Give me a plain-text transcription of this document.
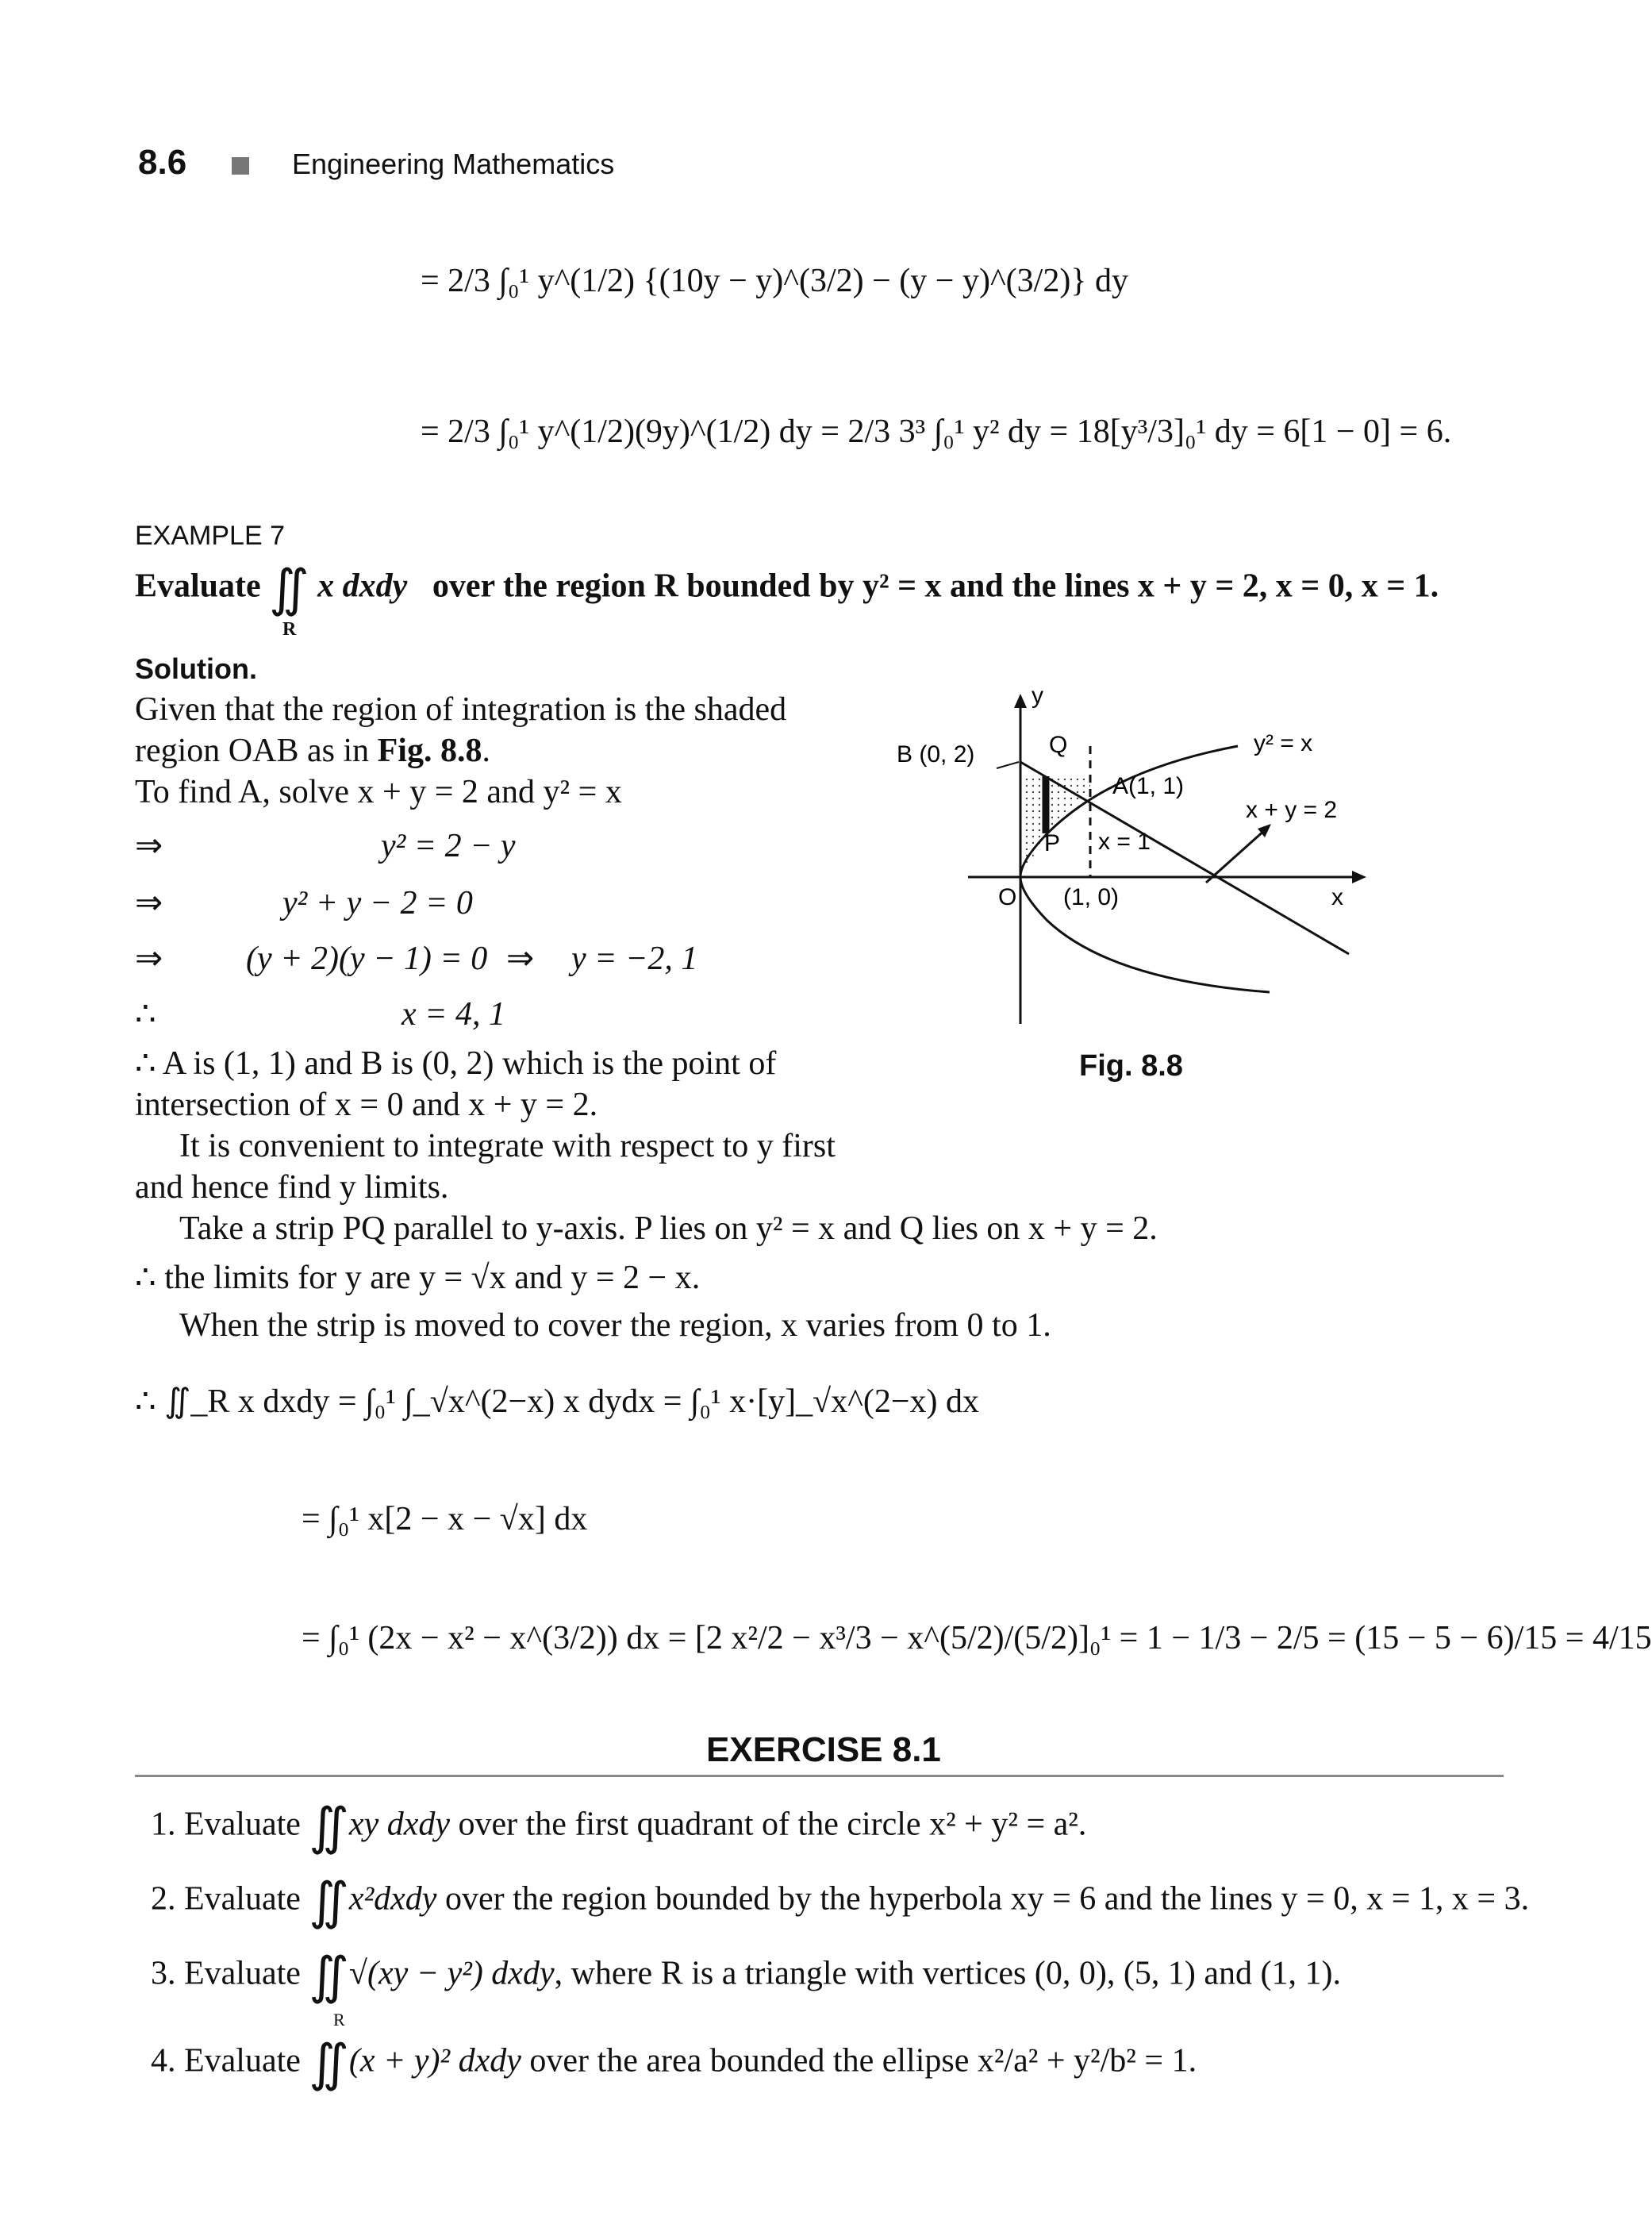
8.6	Engineering Mathematics
= 2/3 ∫₀¹ y^(1/2) {(10y − y)^(3/2) − (y − y)^(3/2)} dy
= 2/3 ∫₀¹ y^(1/2)(9y)^(1/2) dy = 2/3 3³ ∫₀¹ y² dy = 18[y³/3]₀¹ dy = 6[1 − 0] = 6.
EXAMPLE 7
Evaluate ∬ x dxdy over the region R bounded by y² = x and the lines x + y = 2, x = 0, x = 1.
R
Solution.
Given that the region of integration is the shaded
region OAB as in Fig. 8.8.
To find A, solve x + y = 2 and y² = x
⇒	y² = 2 − y
⇒	y² + y − 2 = 0
⇒ (y + 2)(y − 1) = 0 ⇒ y = −2, 1
∴	x = 4, 1
∴ A is (1, 1) and B is (0, 2) which is the point of
intersection of x = 0 and x + y = 2.
It is convenient to integrate with respect to y first
and hence find y limits.
Take a strip PQ parallel to y-axis. P lies on y² = x and Q lies on x + y = 2.
∴ the limits for y are y = √x and y = 2 − x.
When the strip is moved to cover the region, x varies from 0 to 1.
∴ ∬_R x dxdy = ∫₀¹ ∫_√x^(2−x) x dydx = ∫₀¹ x·[y]_√x^(2−x) dx
= ∫₀¹ x[2 − x − √x] dx
= ∫₀¹ (2x − x² − x^(3/2)) dx = [2 x²/2 − x³/3 − x^(5/2)/(5/2)]₀¹ = 1 − 1/3 − 2/5 = (15 − 5 − 6)/15 = 4/15
y
x
O
B (0, 2)	Q
P
A(1, 1)
x = 1
(1, 0)
y² = x
x + y = 2
Fig. 8.8
EXERCISE 8.1
1. Evaluate ∬xy dxdy over the first quadrant of the circle x² + y² = a².
2. Evaluate ∬x²dxdy over the region bounded by the hyperbola xy = 6 and the lines y = 0, x = 1, x = 3.
3. Evaluate ∬√(xy − y²) dxdy, where R is a triangle with vertices (0, 0), (5, 1) and (1, 1).
R
4. Evaluate ∬(x + y)² dxdy over the area bounded the ellipse x²/a² + y²/b² = 1.
